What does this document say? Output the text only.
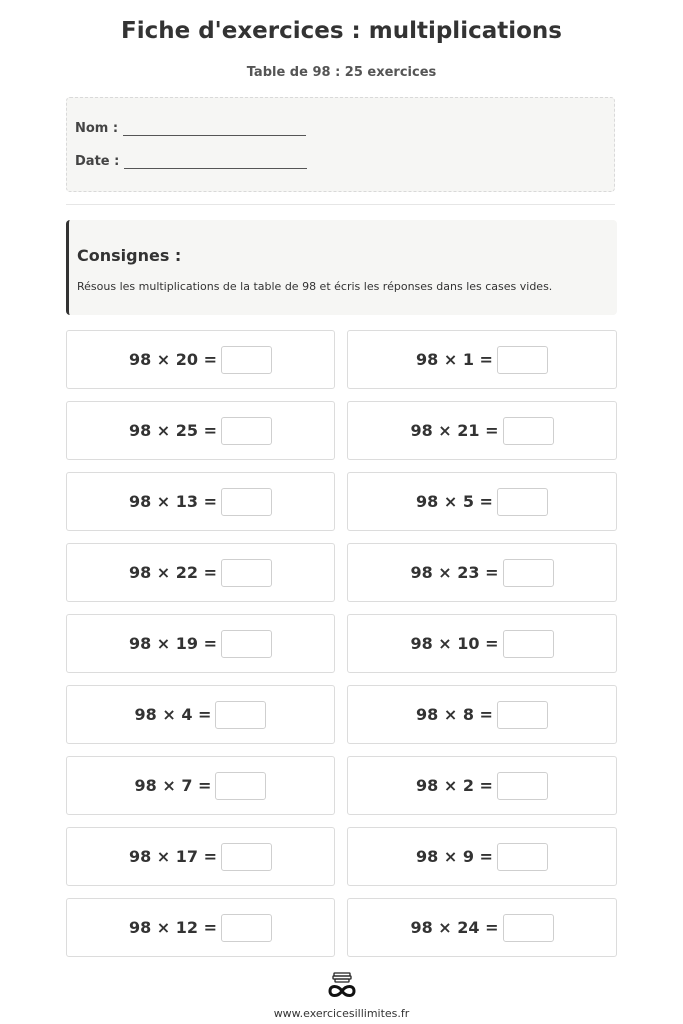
Fiche d'exercices : multiplications
Table de 98 : 25 exercices
Nom :
Date :
Consignes :
Résous les multiplications de la table de 98 et écris les réponses dans les cases vides.
98 × 20 =	98 × 1 =
98 × 25 =	98 × 21 =
98 × 13 =	98 × 5 =
98 × 22 =	98 × 23 =
98 × 19 =	98 × 10 =
98 × 4 =	98 × 8 =
98 × 7 =	98 × 2 =
98 × 17 =	98 × 9 =
98 × 12 =	98 × 24 =
www.exercicesillimites.fr
